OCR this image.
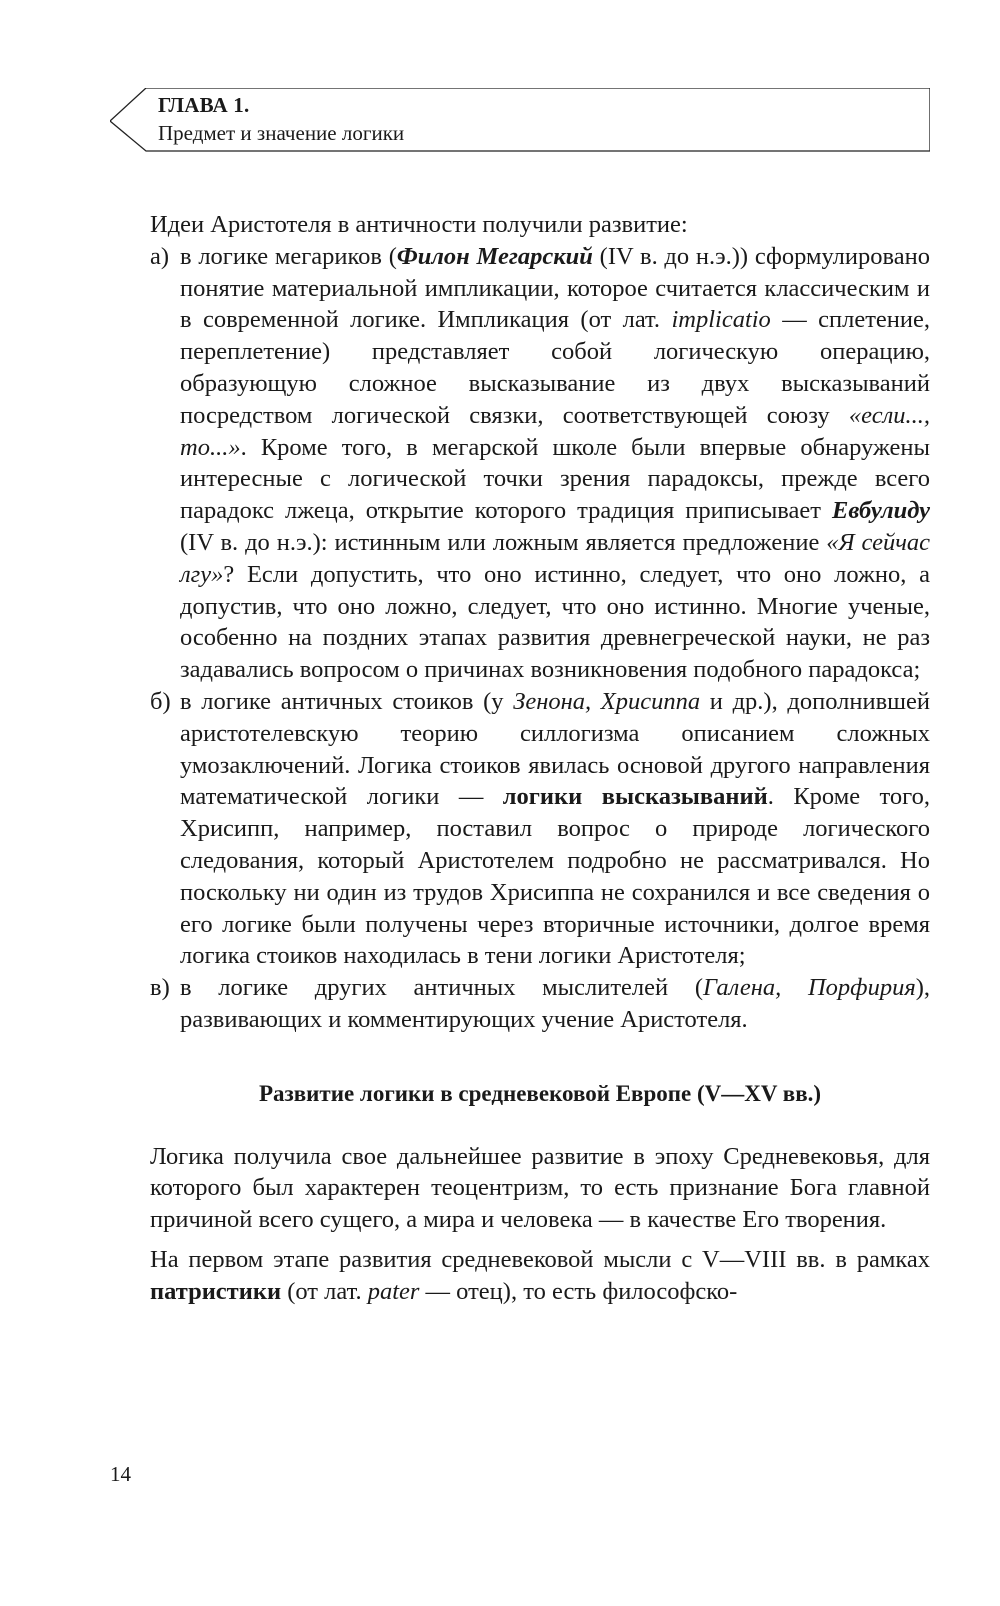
ГЛАВА 1.
Предмет и значение логики

Идеи Аристотеля в античности получили развитие:

а) в логике мегариков (Филон Мегарский (IV в. до н.э.)) сформулировано понятие материальной импликации, которое считается классическим и в современной логике. Импликация (от лат. implicatio — сплетение, переплетение) представляет собой логическую операцию, образующую сложное высказывание из двух высказываний посредством логической связки, соответствующей союзу «если..., то...». Кроме того, в мегарской школе были впервые обнаружены интересные с логической точки зрения парадоксы, прежде всего парадокс лжеца, открытие которого традиция приписывает Евбулиду (IV в. до н.э.): истинным или ложным является предложение «Я сейчас лгу»? Если допустить, что оно истинно, следует, что оно ложно, а допустив, что оно ложно, следует, что оно истинно. Многие ученые, особенно на поздних этапах развития древнегреческой науки, не раз задавались вопросом о причинах возникновения подобного парадокса;
б) в логике античных стоиков (у Зенона, Хрисиппа и др.), дополнившей аристотелевскую теорию силлогизма описанием сложных умозаключений. Логика стоиков явилась основой другого направления математической логики — логики высказываний. Кроме того, Хрисипп, например, поставил вопрос о природе логического следования, который Аристотелем подробно не рассматривался. Но поскольку ни один из трудов Хрисиппа не сохранился и все сведения о его логике были получены через вторичные источники, долгое время логика стоиков находилась в тени логики Аристотеля;
в) в логике других античных мыслителей (Галена, Порфирия), развивающих и комментирующих учение Аристотеля.
Развитие логики в средневековой Европе (V—XV вв.)

Логика получила свое дальнейшее развитие в эпоху Средневековья, для которого был характерен теоцентризм, то есть признание Бога главной причиной всего сущего, а мира и человека — в качестве Его творения.

На первом этапе развития средневековой мысли с V—VIII вв. в рамках патристики (от лат. pater — отец), то есть философско-

14
